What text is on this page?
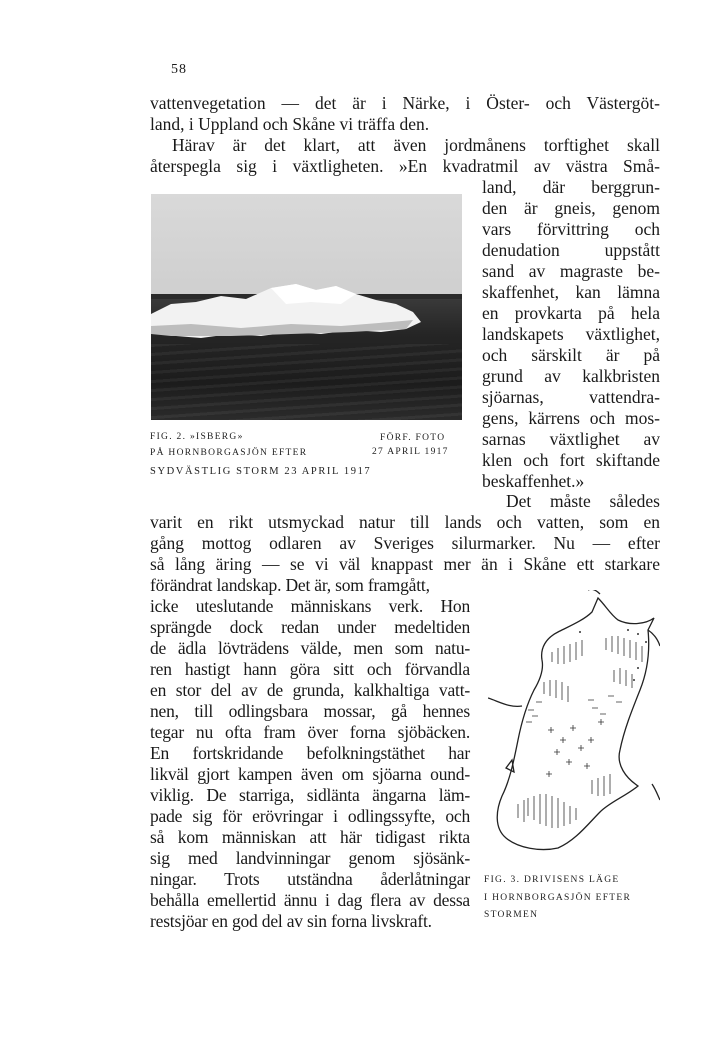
58
vattenvegetation — det är i Närke, i Öster- och Västergöt-
land, i Uppland och Skåne vi träffa den.
Härav är det klart, att även jordmånens torftighet skall
återspegla sig i växtligheten. »En kvadratmil av västra Små-
land, där berggrun-
den är gneis, genom
vars förvittring och
denudation uppstått
sand av magraste be-
skaffenhet, kan lämna
en provkarta på hela
landskapets växtlighet,
och särskilt är på
grund av kalkbristen
sjöarnas, vattendra-
gens, kärrens och mos-
sarnas växtlighet av
klen och fort skiftande
beskaffenhet.»
FIG. 2. »ISBERG»
PÅ HORNBORGASJÖN EFTER
SYDVÄSTLIG STORM 23 APRIL 1917
FÖRF. FOTO
27 APRIL 1917
Det måste således
varit en rikt utsmyckad natur till lands och vatten, som en
gång mottog odlaren av Sveriges silurmarker. Nu — efter
så lång äring — se vi väl knappast mer än i Skåne ett starkare
förändrat landskap. Det är, som framgått,
icke uteslutande människans verk. Hon
sprängde dock redan under medeltiden
de ädla lövträdens välde, men som natu-
ren hastigt hann göra sitt och förvandla
en stor del av de grunda, kalkhaltiga vatt-
nen, till odlingsbara mossar, gå hennes
tegar nu ofta fram över forna sjöbäcken.
En fortskridande befolkningstäthet har
likväl gjort kampen även om sjöarna ound-
viklig. De starriga, sidlänta ängarna läm-
pade sig för erövringar i odlingssyfte, och
så kom människan att här tidigast rikta
sig med landvinningar genom sjösänk-
ningar. Trots utständna åderlåtningar
behålla emellertid ännu i dag flera av dessa
restsjöar en god del av sin forna livskraft.
FIG. 3. DRIVISENS LÄGE
I HORNBORGASJÖN EFTER
STORMEN
